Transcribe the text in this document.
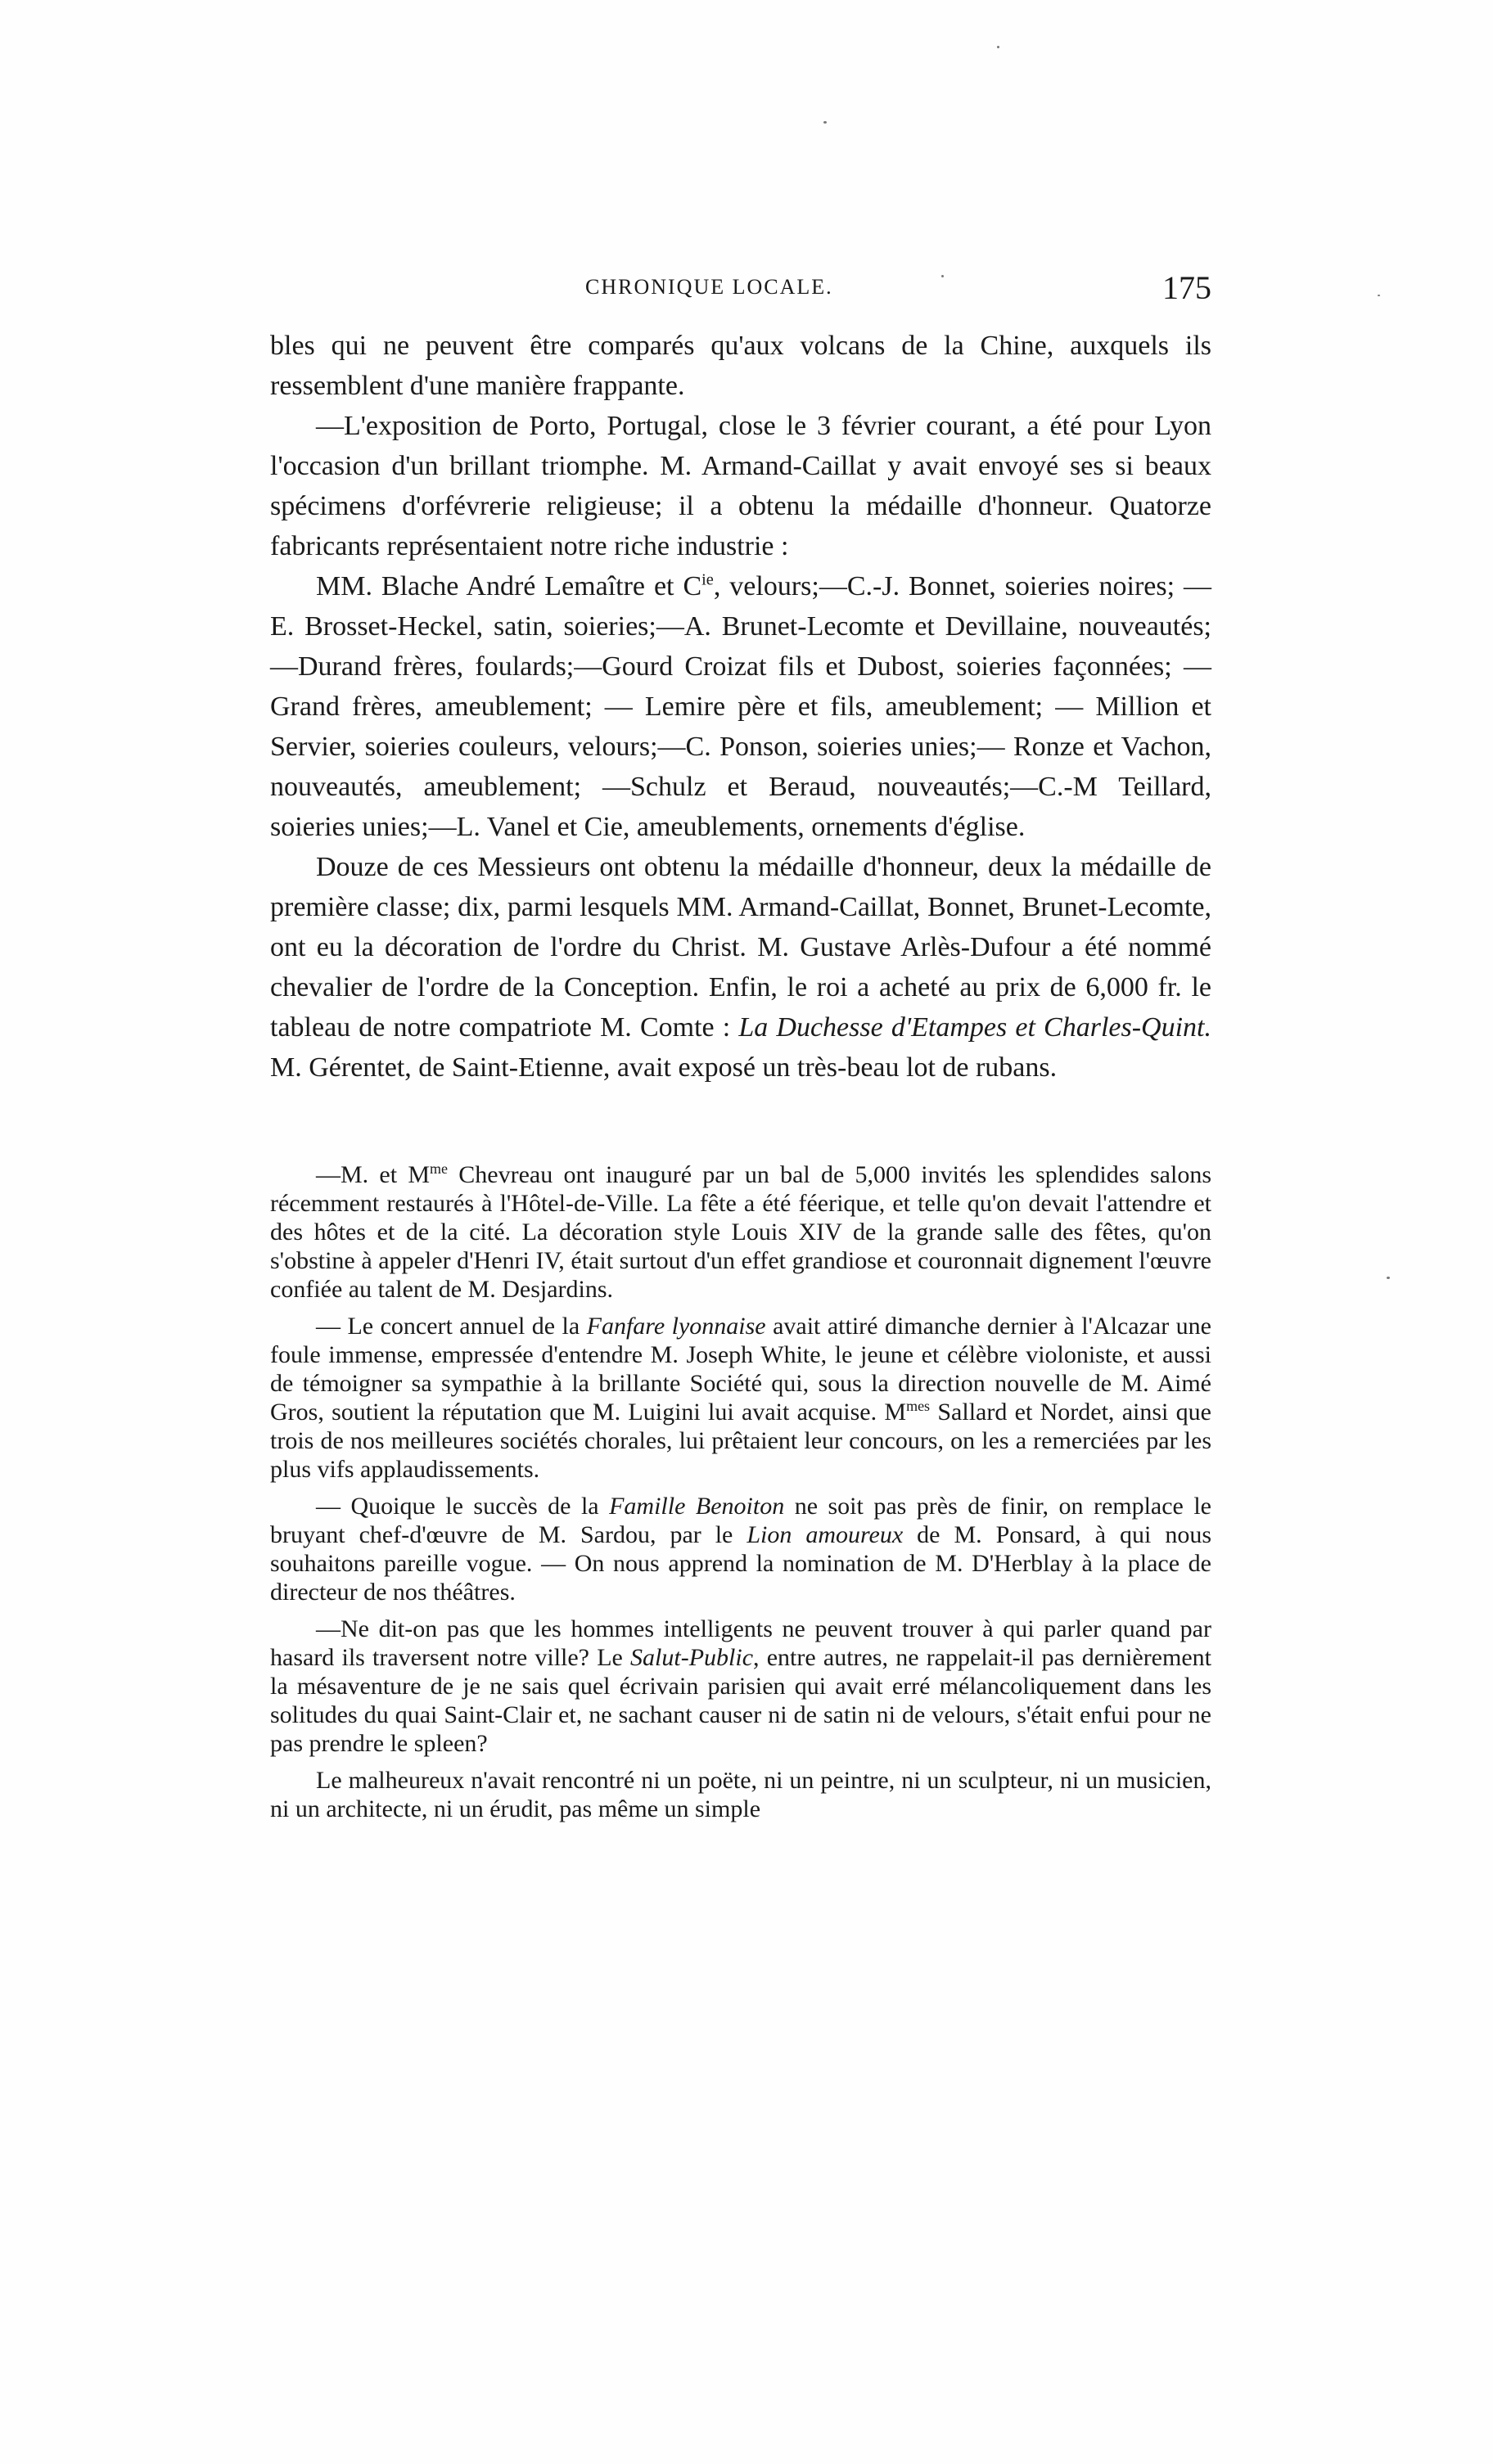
CHRONIQUE LOCALE.	175

bles qui ne peuvent être comparés qu'aux volcans de la Chine, auxquels ils ressemblent d'une manière frappante.

—L'exposition de Porto, Portugal, close le 3 février courant, a été pour Lyon l'occasion d'un brillant triomphe. M. Armand-Caillat y avait envoyé ses si beaux spécimens d'orfévrerie religieuse; il a obtenu la médaille d'honneur. Quatorze fabricants représentaient notre riche industrie :

MM. Blache André Lemaître et $C^{ie}$, velours;—C.-J. Bonnet, soieries noires; —E. Brosset-Heckel, satin, soieries;—A. Brunet-Lecomte et Devillaine, nouveautés;—Durand frères, foulards;—Gourd Croizat fils et Dubost, soieries façonnées; — Grand frères, ameublement; — Lemire père et fils, ameublement; — Million et Servier, soieries couleurs, velours;—C. Ponson, soieries unies;— Ronze et Vachon, nouveautés, ameublement; —Schulz et Beraud, nouveautés;—C.-M Teillard, soieries unies;—L. Vanel et Cie, ameublements, ornements d'église.

Douze de ces Messieurs ont obtenu la médaille d'honneur, deux la médaille de première classe; dix, parmi lesquels MM. Armand-Caillat, Bonnet, Brunet-Lecomte, ont eu la décoration de l'ordre du Christ. M. Gustave Arlès-Dufour a été nommé chevalier de l'ordre de la Conception. Enfin, le roi a acheté au prix de 6,000 fr. le tableau de notre compatriote M. Comte : La Duchesse d'Etampes et Charles-Quint. M. Gérentet, de Saint-Etienne, avait exposé un très-beau lot de rubans.

—M. et $M^{me}$ Chevreau ont inauguré par un bal de 5,000 invités les splendides salons récemment restaurés à l'Hôtel-de-Ville. La fête a été féerique, et telle qu'on devait l'attendre et des hôtes et de la cité. La décoration style Louis XIV de la grande salle des fêtes, qu'on s'obstine à appeler d'Henri IV, était surtout d'un effet grandiose et couronnait dignement l'œuvre confiée au talent de M. Desjardins.

— Le concert annuel de la Fanfare lyonnaise avait attiré dimanche dernier à l'Alcazar une foule immense, empressée d'entendre M. Joseph White, le jeune et célèbre violoniste, et aussi de témoigner sa sympathie à la brillante Société qui, sous la direction nouvelle de M. Aimé Gros, soutient la réputation que M. Luigini lui avait acquise. $M^{mes}$ Sallard et Nordet, ainsi que trois de nos meilleures sociétés chorales, lui prêtaient leur concours, on les a remerciées par les plus vifs applaudissements.

— Quoique le succès de la Famille Benoiton ne soit pas près de finir, on remplace le bruyant chef-d'œuvre de M. Sardou, par le Lion amoureux de M. Ponsard, à qui nous souhaitons pareille vogue. — On nous apprend la nomination de M. D'Herblay à la place de directeur de nos théâtres.

—Ne dit-on pas que les hommes intelligents ne peuvent trouver à qui parler quand par hasard ils traversent notre ville? Le Salut-Public, entre autres, ne rappelait-il pas dernièrement la mésaventure de je ne sais quel écrivain parisien qui avait erré mélancoliquement dans les solitudes du quai Saint-Clair et, ne sachant causer ni de satin ni de velours, s'était enfui pour ne pas prendre le spleen?

Le malheureux n'avait rencontré ni un poëte, ni un peintre, ni un sculpteur, ni un musicien, ni un architecte, ni un érudit, pas même un simple
